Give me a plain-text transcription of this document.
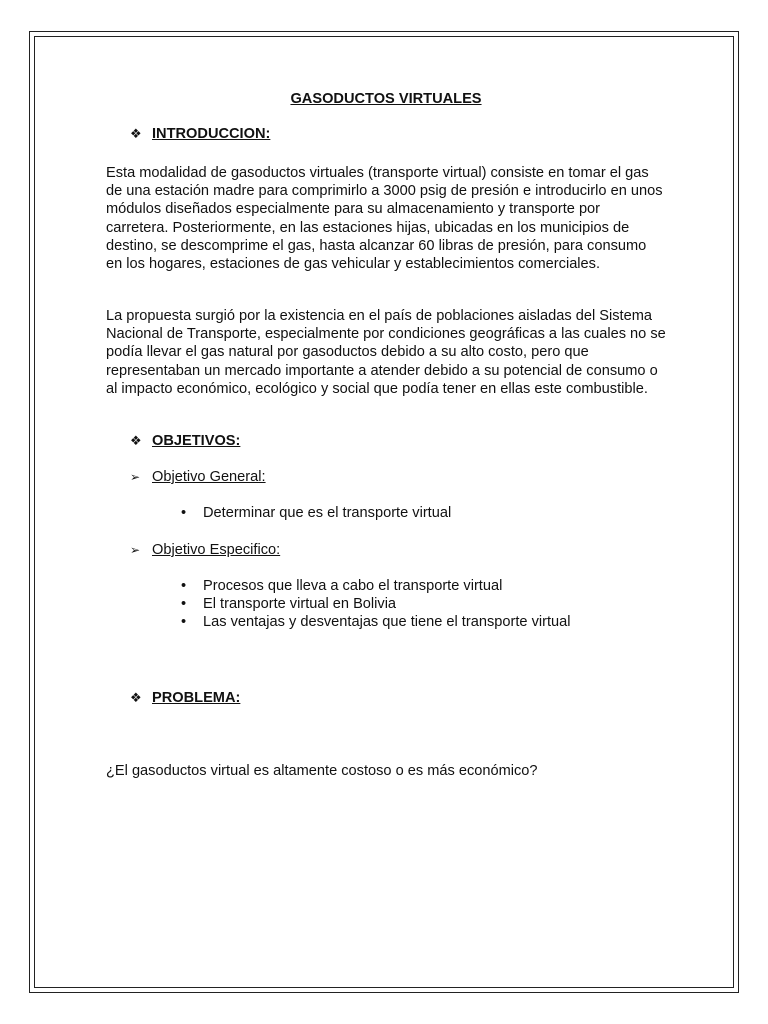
GASODUCTOS VIRTUALES
❖ INTRODUCCION:

Esta modalidad de gasoductos virtuales (transporte virtual) consiste en tomar el gas de una estación madre para comprimirlo a 3000 psig de presión e introducirlo en unos módulos diseñados especialmente para su almacenamiento y transporte por carretera. Posteriormente, en las estaciones hijas, ubicadas en los municipios de destino, se descomprime el gas, hasta alcanzar 60 libras de presión, para consumo en los hogares, estaciones de gas vehicular y establecimientos comerciales.

La propuesta surgió por la existencia en el país de poblaciones aisladas del Sistema Nacional de Transporte, especialmente por condiciones geográficas a las cuales no se podía llevar el gas natural por gasoductos debido a su alto costo, pero que representaban un mercado importante a atender debido a su potencial de consumo o al impacto económico, ecológico y social que podía tener en ellas este combustible.

❖ OBJETIVOS:
➢ Objetivo General:
•	Determinar que es el transporte virtual
➢ Objetivo Especifico:
•	Procesos que lleva a cabo el transporte virtual
•	El transporte virtual en Bolivia
•	Las ventajas y desventajas que tiene el transporte virtual
❖ PROBLEMA:

¿El gasoductos virtual es altamente costoso o es más económico?
